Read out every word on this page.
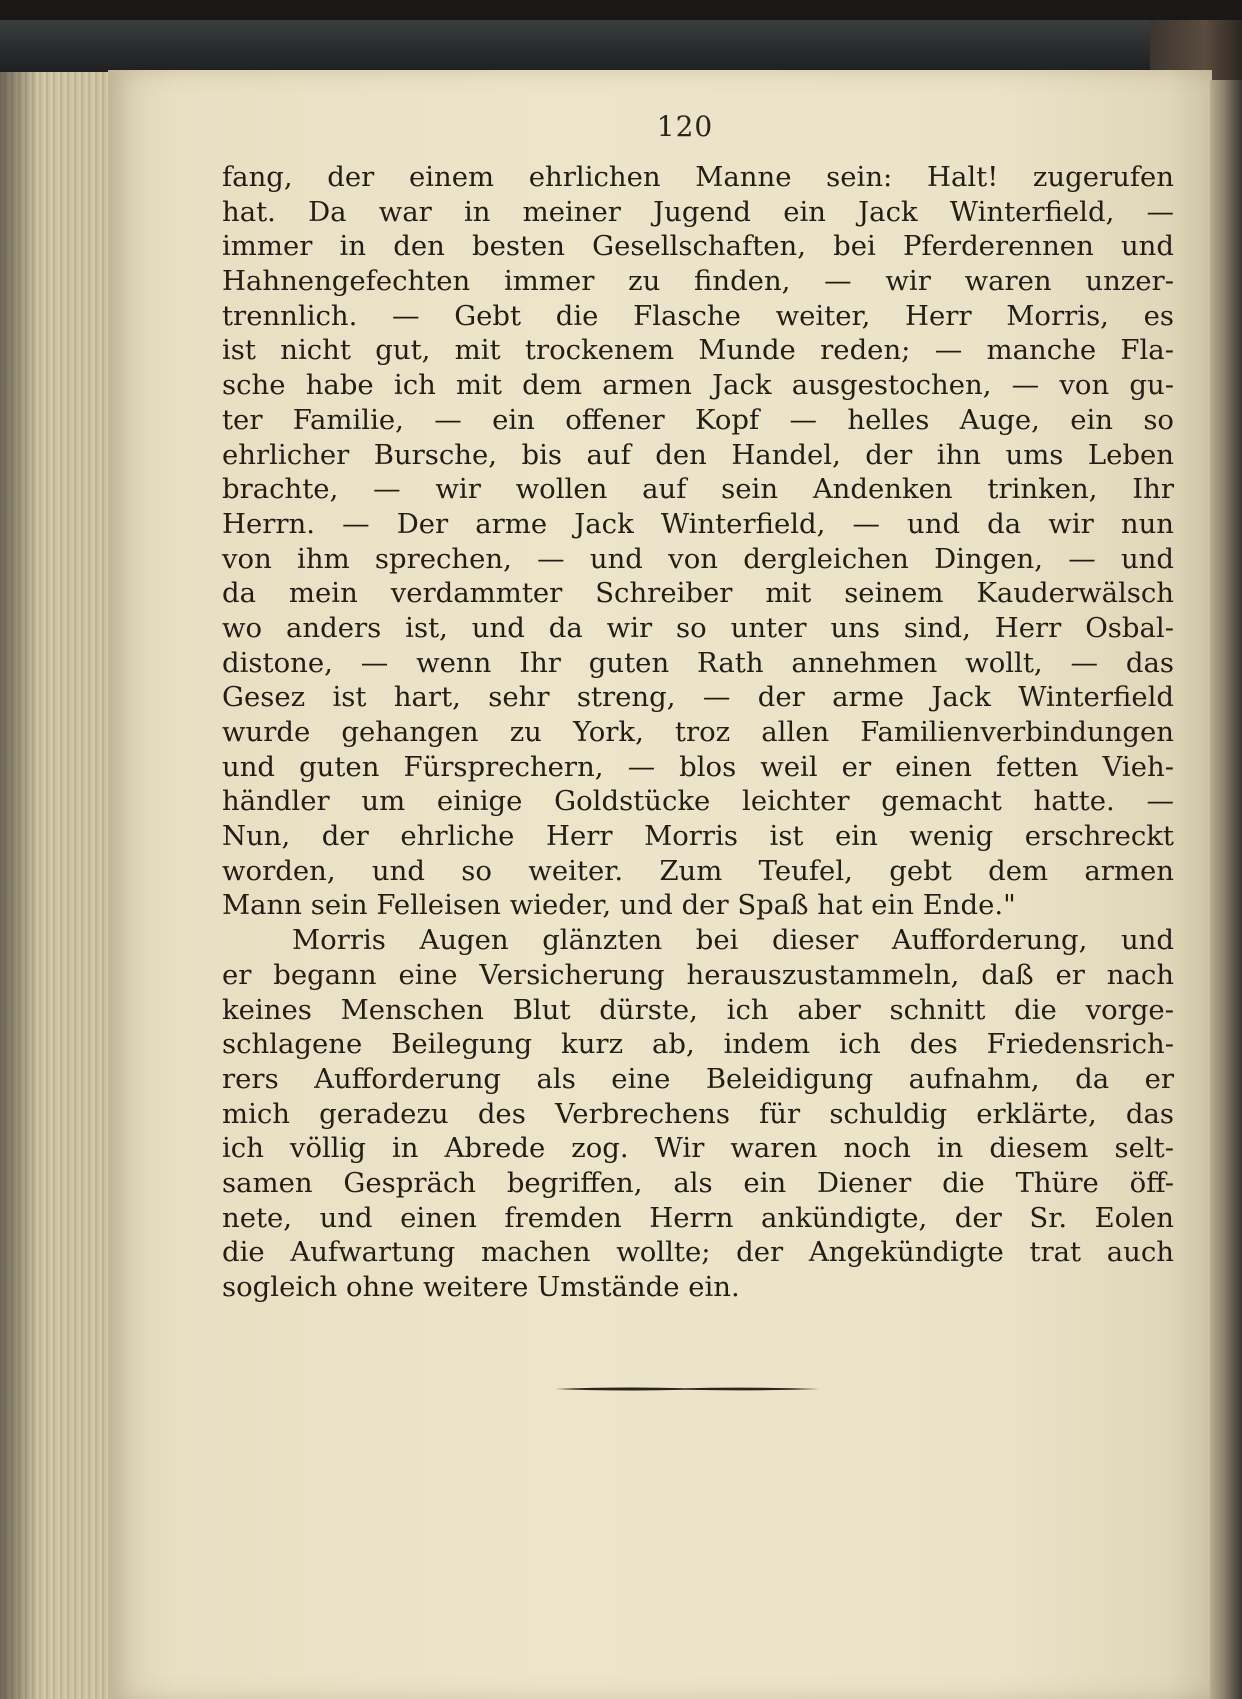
120
fang, der einem ehrlichen Manne sein: Halt! zugerufen
hat. Da war in meiner Jugend ein Jack Winterfield, —
immer in den besten Gesellschaften, bei Pferderennen und
Hahnengefechten immer zu finden, — wir waren unzer-
trennlich. — Gebt die Flasche weiter, Herr Morris, es
ist nicht gut, mit trockenem Munde reden; — manche Fla-
sche habe ich mit dem armen Jack ausgestochen, — von gu-
ter Familie, — ein offener Kopf — helles Auge, ein so
ehrlicher Bursche, bis auf den Handel, der ihn ums Leben
brachte, — wir wollen auf sein Andenken trinken, Ihr
Herrn. — Der arme Jack Winterfield, — und da wir nun
von ihm sprechen, — und von dergleichen Dingen, — und
da mein verdammter Schreiber mit seinem Kauderwälsch
wo anders ist, und da wir so unter uns sind, Herr Osbal-
distone, — wenn Ihr guten Rath annehmen wollt, — das
Gesez ist hart, sehr streng, — der arme Jack Winterfield
wurde gehangen zu York, troz allen Familienverbindungen
und guten Fürsprechern, — blos weil er einen fetten Vieh-
händler um einige Goldstücke leichter gemacht hatte. —
Nun, der ehrliche Herr Morris ist ein wenig erschreckt
worden, und so weiter. Zum Teufel, gebt dem armen
Mann sein Felleisen wieder, und der Spaß hat ein Ende."
Morris Augen glänzten bei dieser Aufforderung, und
er begann eine Versicherung herauszustammeln, daß er nach
keines Menschen Blut dürste, ich aber schnitt die vorge-
schlagene Beilegung kurz ab, indem ich des Friedensrich-
rers Aufforderung als eine Beleidigung aufnahm, da er
mich geradezu des Verbrechens für schuldig erklärte, das
ich völlig in Abrede zog. Wir waren noch in diesem selt-
samen Gespräch begriffen, als ein Diener die Thüre öff-
nete, und einen fremden Herrn ankündigte, der Sr. Eolen
die Aufwartung machen wollte; der Angekündigte trat auch
sogleich ohne weitere Umstände ein.
